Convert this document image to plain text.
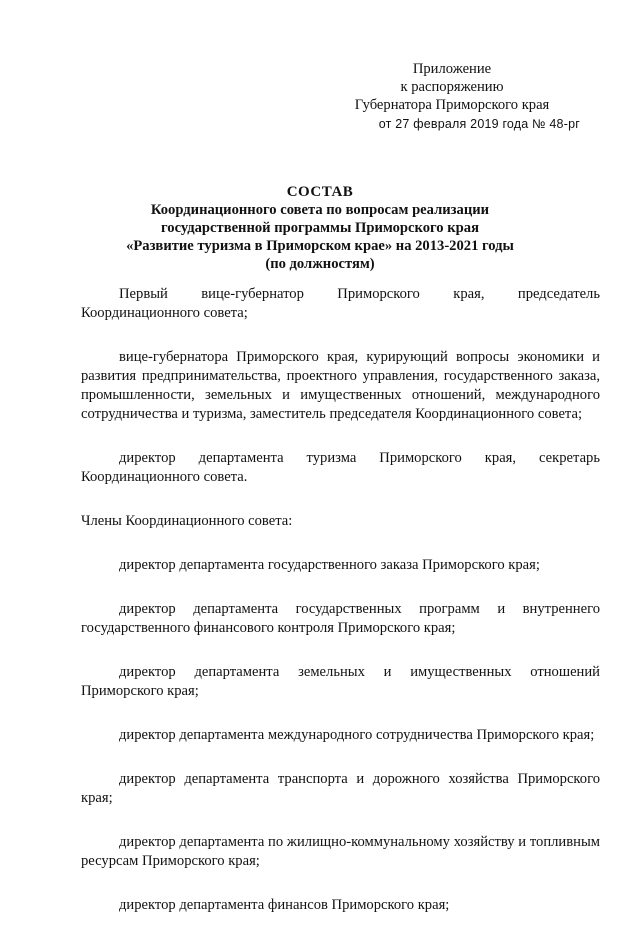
Приложение
к распоряжению
Губернатора Приморского края
от 27 февраля 2019 года № 48-рг
СОСТАВ
Координационного совета по вопросам реализации
государственной программы Приморского края
«Развитие туризма в Приморском крае» на 2013-2021 годы
(по должностям)

Первый вице-губернатор Приморского края, председатель Координационного совета;

вице-губернатора Приморского края, курирующий вопросы экономики и развития предпринимательства, проектного управления, государственного заказа, промышленности, земельных и имущественных отношений, международного сотрудничества и туризма, заместитель председателя Координационного совета;

директор департамента туризма Приморского края, секретарь Координационного совета.

Члены Координационного совета:

директор департамента государственного заказа Приморского края;

директор департамента государственных программ и внутреннего государственного финансового контроля Приморского края;

директор департамента земельных и имущественных отношений Приморского края;

директор департамента международного сотрудничества Приморского края;

директор департамента транспорта и дорожного хозяйства Приморского края;

директор департамента по жилищно-коммунальному хозяйству и топливным ресурсам Приморского края;

директор департамента финансов Приморского края;
